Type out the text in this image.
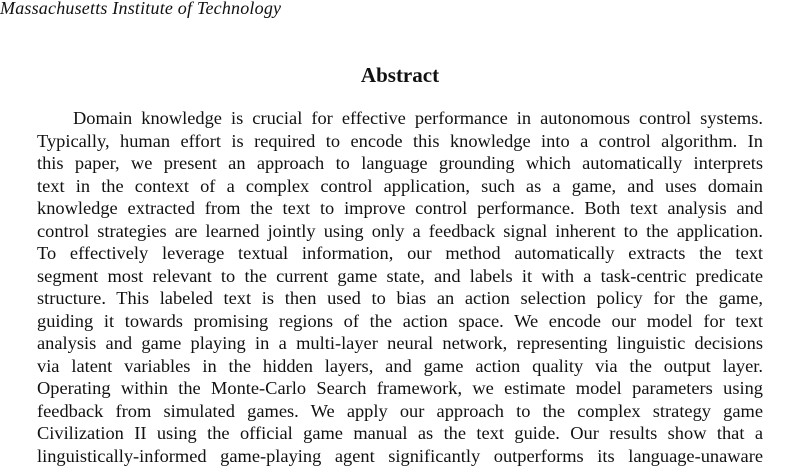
Massachusetts Institute of Technology
Abstract
Domain knowledge is crucial for effective performance in autonomous control systems.
Typically, human effort is required to encode this knowledge into a control algorithm. In
this paper, we present an approach to language grounding which automatically interprets
text in the context of a complex control application, such as a game, and uses domain
knowledge extracted from the text to improve control performance. Both text analysis and
control strategies are learned jointly using only a feedback signal inherent to the application.
To effectively leverage textual information, our method automatically extracts the text
segment most relevant to the current game state, and labels it with a task-centric predicate
structure. This labeled text is then used to bias an action selection policy for the game,
guiding it towards promising regions of the action space. We encode our model for text
analysis and game playing in a multi-layer neural network, representing linguistic decisions
via latent variables in the hidden layers, and game action quality via the output layer.
Operating within the Monte-Carlo Search framework, we estimate model parameters using
feedback from simulated games. We apply our approach to the complex strategy game
Civilization II using the official game manual as the text guide. Our results show that a
linguistically-informed game-playing agent significantly outperforms its language-unaware
